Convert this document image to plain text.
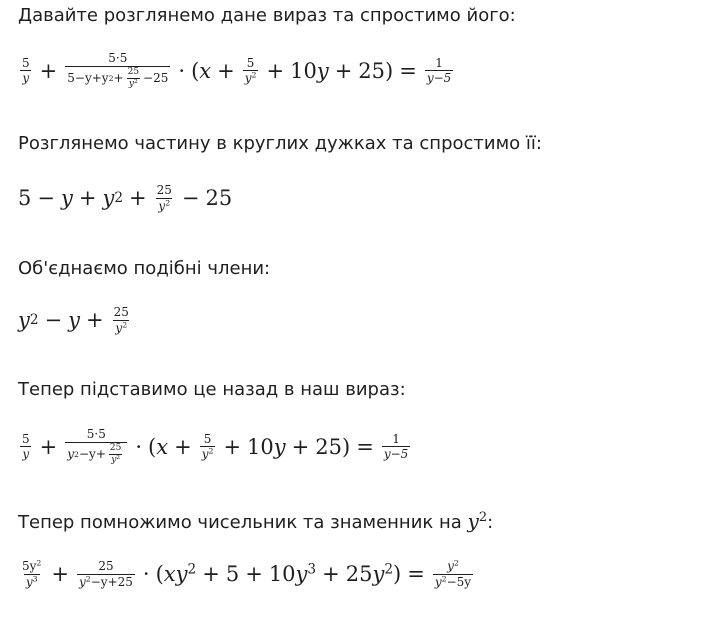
Давайте розглянемо дане вираз та спростимо його:
$\frac{5}{y} + \frac{5\cdot 5}{5-y+y 2 + \frac{25}{y^2} -25} \cdot (x + \frac{5}{y^2} + 10y + 25) = \frac{1}{y-5}$
Розглянемо частину в круглих дужках та спростимо її:
5 − y + y $2 + \frac{25}{y^2} - 25$
Об'єднаємо подібні члени:
y $2 - y + \frac{25}{y^2}$
Тепер підставимо це назад в наш вираз:
$\frac{5}{y} + \frac{5\cdot 5}{y 2 -y+ \frac{25}{y^2}} \cdot (x + \frac{5}{y^2} + 10y + 25) = \frac{1}{y-5}$
Тепер помножимо чисельник та знаменник на $y^2$:
$\frac{5y^2}{y^3} + \frac{25}{y^2-y+25} \cdot (xy^2 + 5 + 10y^3 + 25y^2) = \frac{y^2}{y^2-5y}$
